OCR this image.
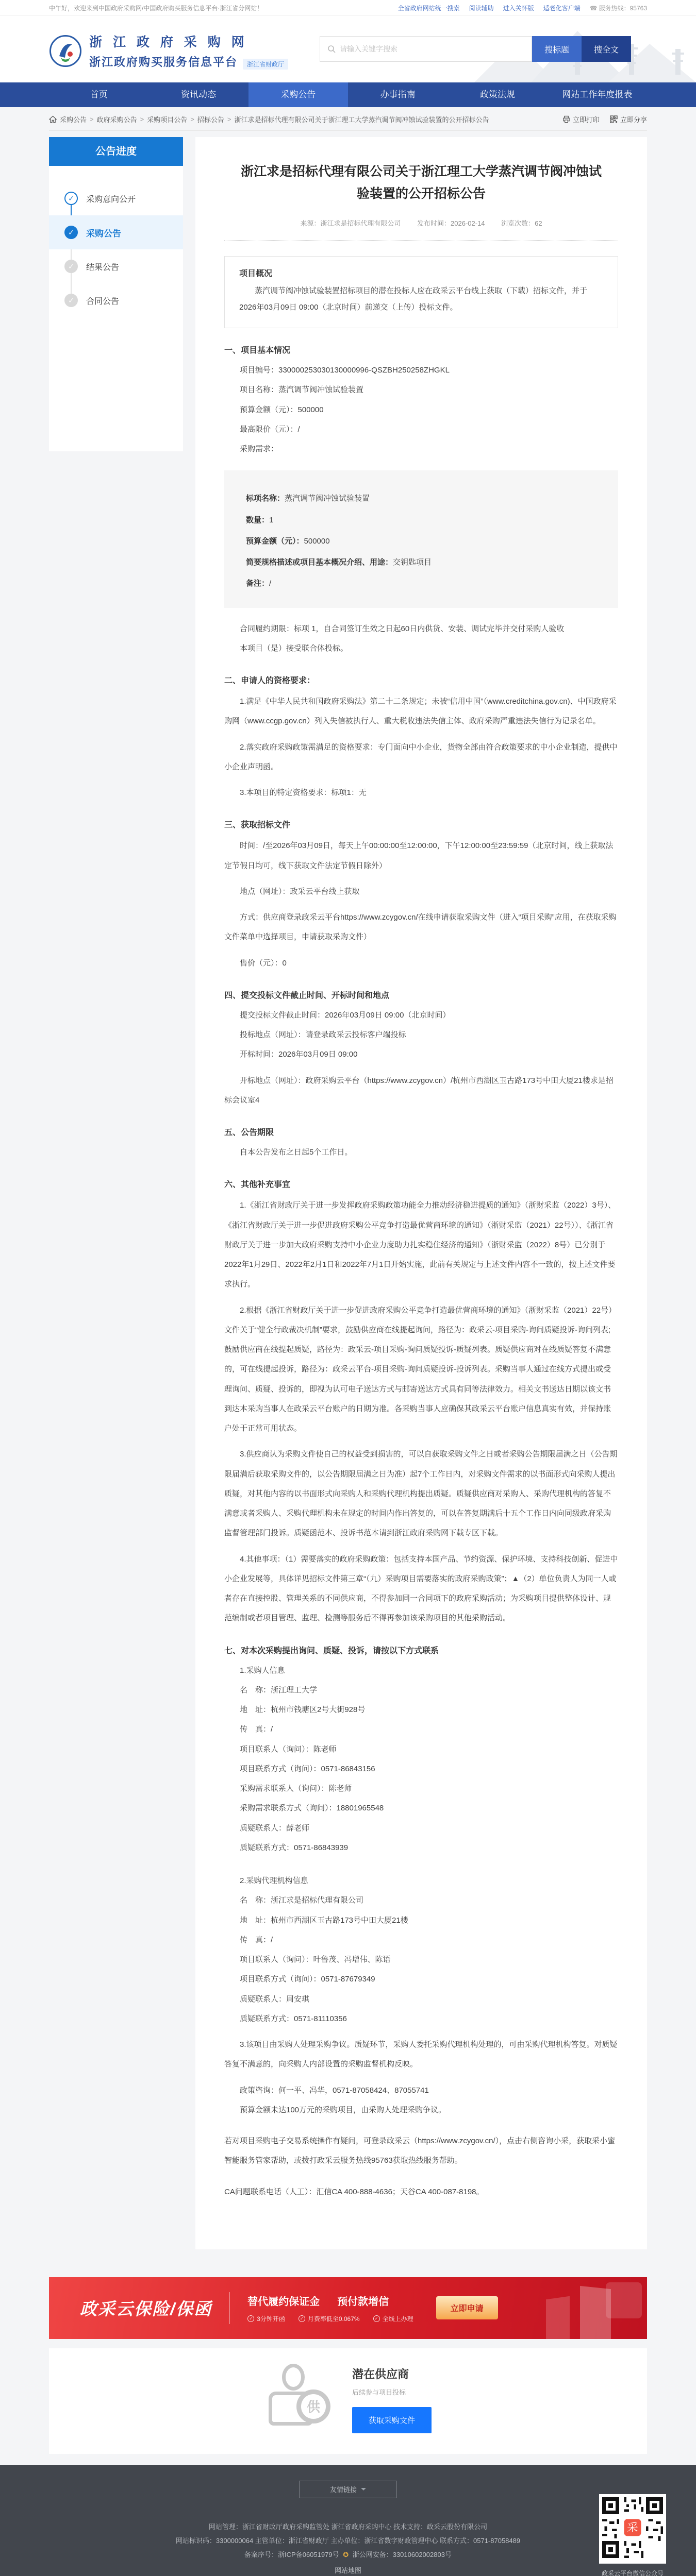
中午好，欢迎来到中国政府采购网/中国政府购买服务信息平台·浙江省分网站！	全省政府网站统一搜索 阅读辅助 进入关怀版 适老化客户端 ☎ 服务热线：95763
浙 江 政 府 采 购 网
浙江政府购买服务信息平台	浙江省财政厅
请输入关键字搜索
搜标题	搜全文
首页	资讯动态	采购公告	办事指南	政策法规	网站工作年度报表
采购公告 > 政府采购公告 > 采购项目公告 > 招标公告 > 浙江求是招标代理有限公司关于浙江理工大学蒸汽调节阀冲蚀试验装置的公开招标公告	立即打印	立即分享
公告进度
✓	采购意向公开
✓	采购公告
✓	结果公告
✓	合同公告
浙江求是招标代理有限公司关于浙江理工大学蒸汽调节阀冲蚀试验装置的公开招标公告
来源：浙江求是招标代理有限公司 发布时间：2026-02-14 浏览次数：62
项目概况
蒸汽调节阀冲蚀试验装置招标项目的潜在投标人应在政采云平台线上获取（下载）招标文件，并于2026年03月09日 09:00（北京时间）前递交（上传）投标文件。
一、项目基本情况
项目编号：330000253030130000996-QSZBH250258ZHGKL
项目名称：蒸汽调节阀冲蚀试验装置
预算金额（元）：500000
最高限价（元）：/
采购需求：
标项名称：蒸汽调节阀冲蚀试验装置
数量：1
预算金额（元）：500000
简要规格描述或项目基本概况介绍、用途：交钥匙项目
备注：/
合同履约期限：标项 1，自合同签订生效之日起60日内供货、安装、调试完毕并交付采购人验收
本项目（是）接受联合体投标。
二、申请人的资格要求：
1.满足《中华人民共和国政府采购法》第二十二条规定；未被“信用中国”（www.creditchina.gov.cn)、中国政府采购网（www.ccgp.gov.cn）列入失信被执行人、重大税收违法失信主体、政府采购严重违法失信行为记录名单。
2.落实政府采购政策需满足的资格要求：专门面向中小企业，货物全部由符合政策要求的中小企业制造，提供中小企业声明函。
3.本项目的特定资格要求：标项1：无
三、获取招标文件
时间：/至2026年03月09日，每天上午00:00:00至12:00:00，下午12:00:00至23:59:59（北京时间，线上获取法定节假日均可，线下获取文件法定节假日除外）
地点（网址）：政采云平台线上获取
方式：供应商登录政采云平台https://www.zcygov.cn/在线申请获取采购文件（进入“项目采购”应用，在获取采购文件菜单中选择项目，申请获取采购文件）
售价（元）：0
四、提交投标文件截止时间、开标时间和地点
提交投标文件截止时间：2026年03月09日 09:00（北京时间）
投标地点（网址）：请登录政采云投标客户端投标
开标时间：2026年03月09日 09:00
开标地点（网址）：政府采购云平台（https://www.zcygov.cn）/杭州市西湖区玉古路173号中田大厦21楼求是招标会议室4
五、公告期限
自本公告发布之日起5个工作日。
六、其他补充事宜
1.《浙江省财政厅关于进一步发挥政府采购政策功能全力推动经济稳进提质的通知》（浙财采监（2022）3号）、《浙江省财政厅关于进一步促进政府采购公平竞争打造最优营商环境的通知》（浙财采监（2021）22号））、《浙江省财政厅关于进一步加大政府采购支持中小企业力度助力扎实稳住经济的通知》（浙财采监（2022）8号）已分别于2022年1月29日、2022年2月1日和2022年7月1日开始实施，此前有关规定与上述文件内容不一致的，按上述文件要求执行。
2.根据《浙江省财政厅关于进一步促进政府采购公平竞争打造最优营商环境的通知》（浙财采监（2021）22号）文件关于“健全行政裁决机制”要求，鼓励供应商在线提起询问，路径为：政采云-项目采购-询问质疑投诉-询问列表;鼓励供应商在线提起质疑，路径为：政采云-项目采购-询问质疑投诉-质疑列表。质疑供应商对在线质疑答复不满意的，可在线提起投诉，路径为：政采云平台-项目采购-询问质疑投诉-投诉列表。采购当事人通过在线方式提出或受理询问、质疑、投诉的，即视为认可电子送达方式与邮寄送达方式具有同等法律效力。相关文书送达日期以该文书到达本采购当事人在政采云平台账户的日期为准。各采购当事人应确保其政采云平台账户信息真实有效，并保持账户处于正常可用状态。
3.供应商认为采购文件使自己的权益受到损害的，可以自获取采购文件之日或者采购公告期限届满之日（公告期限届满后获取采购文件的，以公告期限届满之日为准）起7个工作日内，对采购文件需求的以书面形式向采购人提出质疑，对其他内容的以书面形式向采购人和采购代理机构提出质疑。质疑供应商对采购人、采购代理机构的答复不满意或者采购人、采购代理机构未在规定的时间内作出答复的，可以在答复期满后十五个工作日内向同级政府采购监督管理部门投诉。质疑函范本、投诉书范本请到浙江政府采购网下载专区下载。
4.其他事项：（1）需要落实的政府采购政策：包括支持本国产品、节约资源、保护环境、支持科技创新、促进中小企业发展等，具体详见招标文件第三章“（九）采购项目需要落实的政府采购政策”；▲（2）单位负责人为同一人或者存在直接控股、管理关系的不同供应商，不得参加同一合同项下的政府采购活动；为采购项目提供整体设计、规范编制或者项目管理、监理、检测等服务后不得再参加该采购项目的其他采购活动。
七、对本次采购提出询问、质疑、投诉，请按以下方式联系
1.采购人信息
名　称：浙江理工大学
地　址：杭州市钱塘区2号大街928号
传　真：/
项目联系人（询问）：陈老师
项目联系方式（询问）：0571-86843156
采购需求联系人（询问）：陈老师
采购需求联系方式（询问）：18801965548
质疑联系人：薛老师
质疑联系方式：0571-86843939
2.采购代理机构信息
名　称：浙江求是招标代理有限公司
地　址：杭州市西湖区玉古路173号中田大厦21楼
传　真：/
项目联系人（询问）：叶鲁茂、冯增伟、陈语
项目联系方式（询问）：0571-87679349
质疑联系人：周安琪
质疑联系方式：0571-81110356
3.该项目由采购人处理采购争议。质疑环节，采购人委托采购代理机构处理的，可由采购代理机构答复。对质疑答复不满意的，向采购人内部设置的采购监督机构反映。
政策咨询：何一平、冯华，0571-87058424、87055741
预算金额未达100万元的采购项目，由采购人处理采购争议。
若对项目采购电子交易系统操作有疑问，可登录政采云（https://www.zcygov.cn/），点击右侧咨询小采，获取采小蜜智能服务管家帮助，或拨打政采云服务热线95763获取热线服务帮助。
CA问题联系电话（人工）：汇信CA 400-888-4636；天谷CA 400-087-8198。
政采云保险/保函	替代履约保证金 预付款增信
✓ 3分钟开函	✓ 月费率低至0.067%	✓ 全线上办理
立即申请
供
潜在供应商
后续参与项目投标
获取采购文件
友情链接
网站管理：浙江省财政厅政府采购监管处 浙江省政府采购中心 技术支持：政采云股份有限公司
网站标识码：3300000064 主管单位：浙江省财政厅 主办单位：浙江省数字财政管理中心 联系方式：0571-87058489
备案序号：浙ICP备06051979号 ✪ 浙公网安备：33010602002803号
网站地图

采
政采云平台微信公众号
